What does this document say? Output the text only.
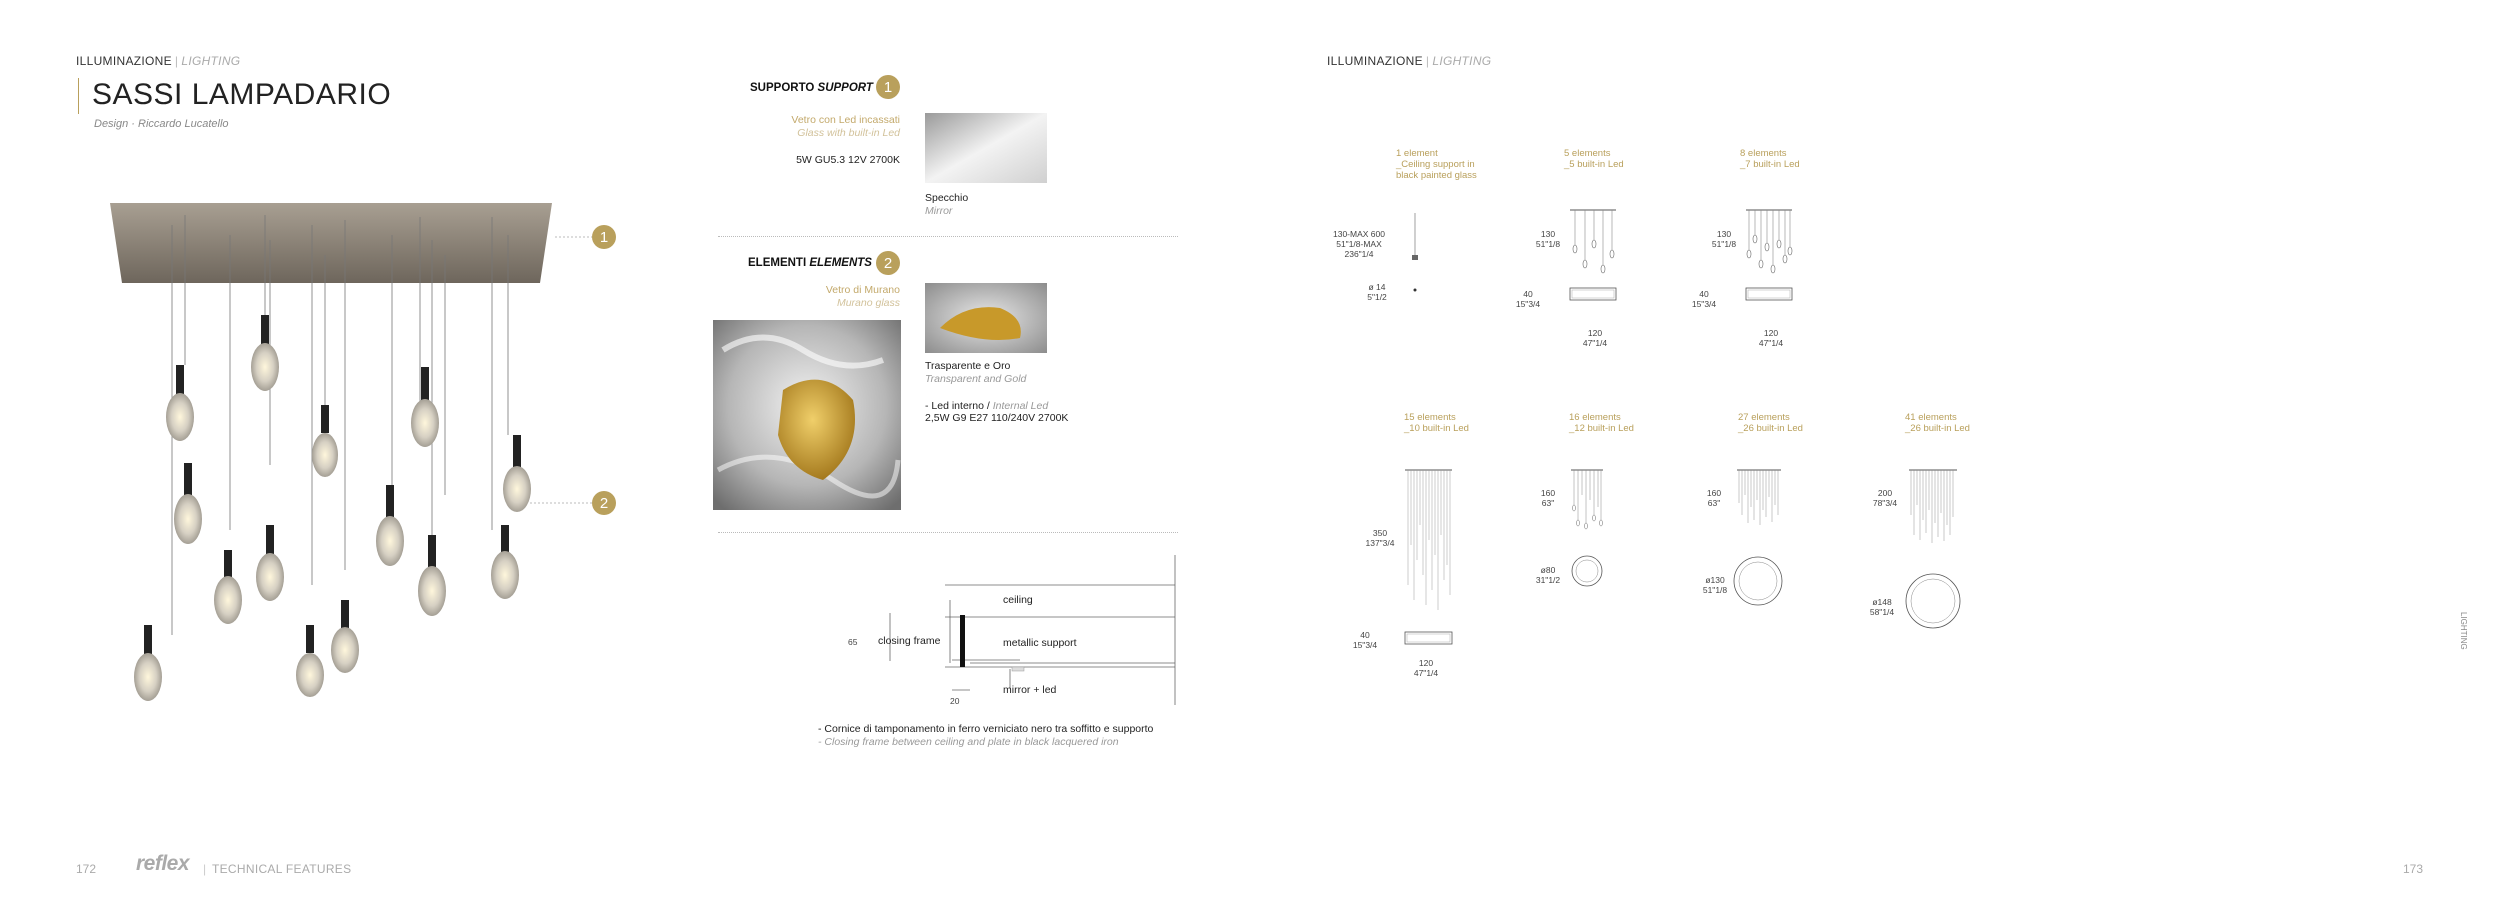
ILLUMINAZIONE | LIGHTING
SASSI LAMPADARIO
Design · Riccardo Lucatello
1
2
SUPPORTO SUPPORT 1
Vetro con Led incassati
Glass with built-in Led
5W GU5.3 12V 2700K
Specchio
Mirror
ELEMENTI ELEMENTS 2
Vetro di Murano
Murano glass
Trasparente e Oro
Transparent and Gold
- Led interno / Internal Led
2,5W G9 E27 110/240V 2700K
ceiling
closing frame	metallic support
mirror + led
65
20
- Cornice di tamponamento in ferro verniciato nero tra soffitto e supporto
- Closing frame between ceiling and plate in black lacquered iron
ILLUMINAZIONE | LIGHTING
1 element
_Ceiling support in
black painted glass
130-MAX 600
51"1/8-MAX 236"1/4
ø 14
5"1/2
5 elements
_5 built-in Led
130
51"1/8
40
15"3/4
120
47"1/4
8 elements
_7 built-in Led
130
51"1/8
40
15"3/4
120
47"1/4
15 elements
_10 built-in Led
350
137"3/4
40
15"3/4
120
47"1/4
16 elements
_12 built-in Led
160
63"
ø80
31"1/2
27 elements
_26 built-in Led
160
63"
ø130
51"1/8
41 elements
_26 built-in Led
200
78"3/4
ø148
58"1/4	LIGHTING
172 reflex | TECHNICAL FEATURES	173
